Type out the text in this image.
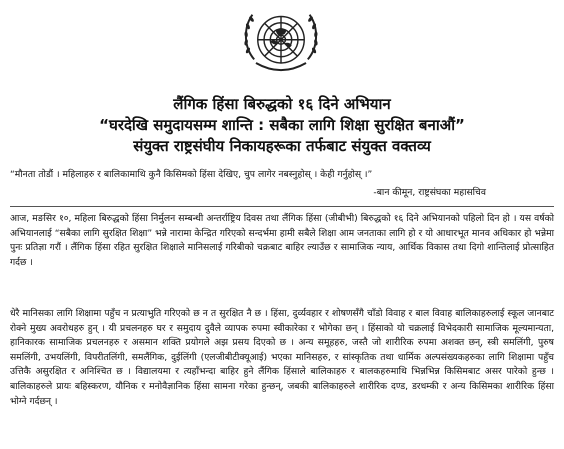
लैंगिक हिंसा बिरुद्धको १६ दिने अभियान
“घरदेखि समुदायसम्म शान्ति : सबैका लागि शिक्षा सुरक्षित बनाऔं”
संयुक्त राष्ट्रसंघीय निकायहरूका तर्फबाट संयुक्त वक्तव्य
“मौनता तोडौं । महिलाहरु र बालिकामाथि कुनै किसिमको हिंसा देखिए, चुप लागेर नबस्नुहोस् । केही गर्नुहोस् ।”
-बान कीमून, राष्ट्रसंघका महासचिव

आज, मङसिर १०, महिला बिरुद्धको हिंसा निर्मुलन सम्बन्धी अन्तर्राष्ट्रिय दिवस तथा लैंगिक हिंसा (जीबीभी) बिरुद्धको १६ दिने अभियानको पहिलो दिन हो । यस वर्षको अभियानलाई “सबैका लागि सुरक्षित शिक्षा” भन्ने नारामा केन्द्रित गरिएको सन्दर्भमा हामी सबैले शिक्षा आम जनताका लागि हो र यो आधारभूत मानव अधिकार हो भन्नेमा पुनः प्रतिज्ञा गरौं । लैंगिक हिंसा रहित सुरक्षित शिक्षाले मानिसलाई गरिबीको चक्रबाट बाहिर ल्याउँछ र सामाजिक न्याय, आर्थिक विकास तथा दिगो शान्तिलाई प्रोत्साहित गर्दछ ।

धेरै मानिसका लागि शिक्षामा पहुँच न प्रत्याभुति गरिएको छ न त सुरक्षित नै छ । हिंसा, दुर्व्यवहार र शोषणसँगै चाँडो विवाह र बाल विवाह बालिकाहरुलाई स्कूल जानबाट रोक्ने मुख्य अवरोधहरु हुन् । यी प्रचलनहरु घर र समुदाय दुवैले व्यापक रुपमा स्वीकारेका र भोगेका छन् । हिंसाको यो चक्रलाई विभेदकारी सामाजिक मूल्यमान्यता, हानिकारक सामाजिक प्रचलनहरु र असमान शक्ति प्रयोगले अझ प्रसय दिएको छ । अन्य समूहहरु, जस्तै जो शारीरिक रुपमा अशक्त छन्, स्त्री समलिंगी, पुरुष समलिंगी, उभयलिंगी, विपरीतलिंगी, समलैंगिक, दुईलिंगी (एलजीबीटीक्यूआई) भएका मानिसहरु, र सांस्कृतिक तथा धार्मिक अल्पसंख्यकहरुका लागि शिक्षामा पहुँच उत्तिकै असुरक्षित र अनिश्चित छ । विद्यालयमा र त्यहाँभन्दा बाहिर हुने लैंगिक हिंसाले बालिकाहरु र बालकहरुमाथि भिन्नभिन्न किसिमबाट असर पारेको हुन्छ । बालिकाहरुले प्रायः बहिस्करण, यौनिक र मनोवैज्ञानिक हिंसा सामना गरेका हुन्छन्, जबकी बालिकाहरुले शारीरिक दण्ड, डरधम्की र अन्य किसिमका शारीरिक हिंसा भोग्ने गर्दछन् ।
